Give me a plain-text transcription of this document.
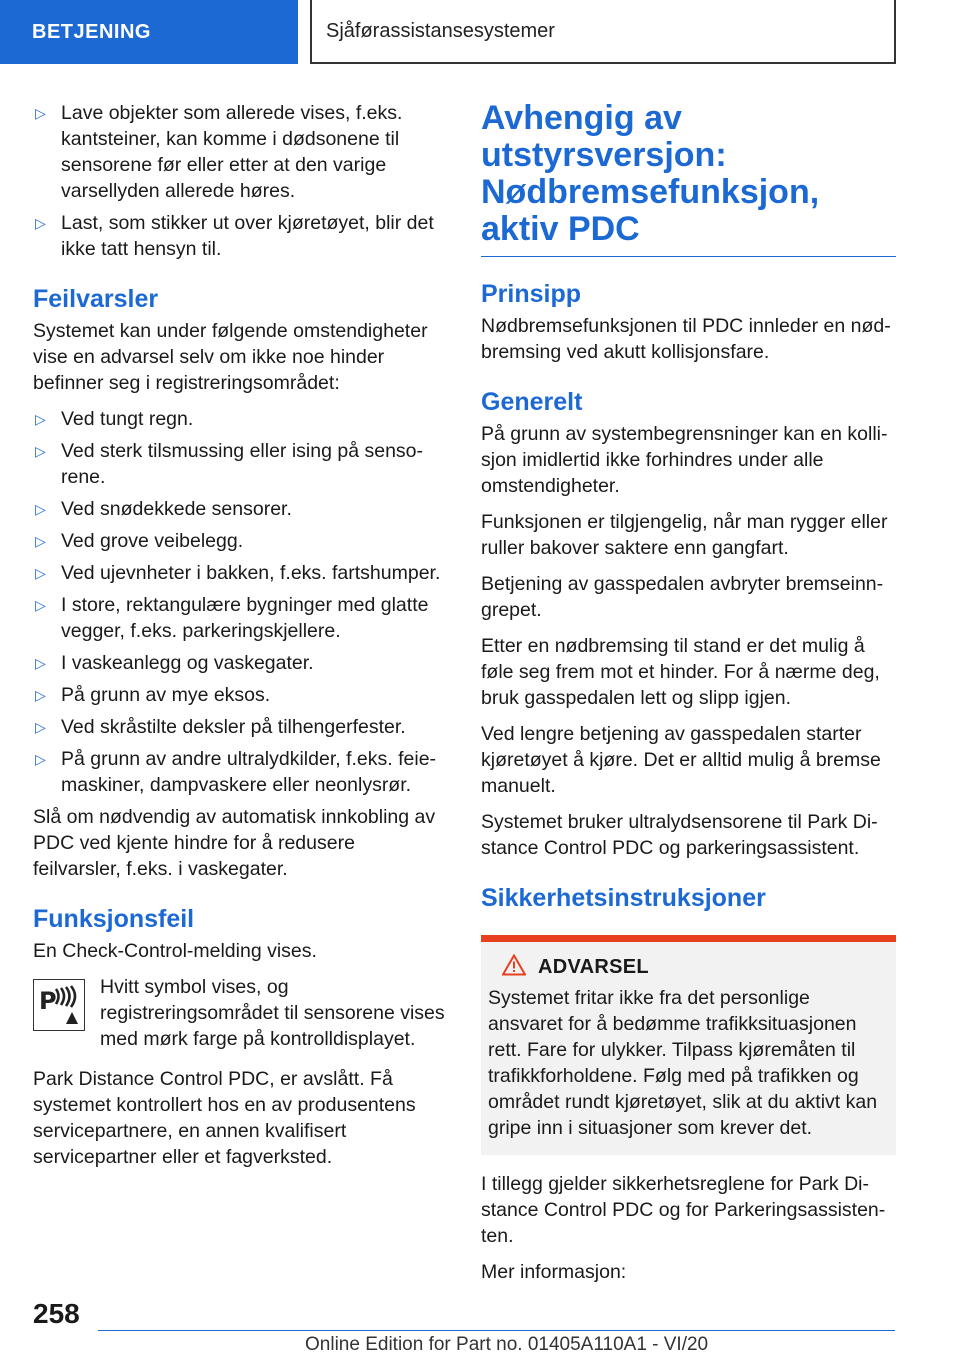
BETJENING	Sjåførassistansesystemer
▷ Lave objekter som allerede vises, f.eks. kantsteiner, kan komme i dødsonene til sensorene før eller etter at den varige varsellyden allerede høres.
▷ Last, som stikker ut over kjøretøyet, blir det ikke tatt hensyn til.
Feilvarsler

Systemet kan under følgende omstendigheter vise en advarsel selv om ikke noe hinder befinner seg i registreringsområdet:

▷ Ved tungt regn.
▷ Ved sterk tilsmussing eller ising på sensorene.
▷ Ved snødekkede sensorer.
▷ Ved grove veibelegg.
▷ Ved ujevnheter i bakken, f.eks. fartshumper.
▷ I store, rektangulære bygninger med glatte vegger, f.eks. parkeringskjellere.
▷ I vaskeanlegg og vaskegater.
▷ På grunn av mye eksos.
▷ Ved skråstilte deksler på tilhengerfester.
▷ På grunn av andre ultralydkilder, f.eks. feiemaskiner, dampvaskere eller neonlysrør.

Slå om nødvendig av automatisk innkobling av PDC ved kjente hindre for å redusere feilvarsler, f.eks. i vaskegater.

Funksjonsfeil

En Check-Control-melding vises.

P Hvitt symbol vises, og registreringsområdet til sensorene vises med mørk farge på kontrolldisplayet.

Park Distance Control PDC, er avslått. Få systemet kontrollert hos en av produsentens servicepartnere, en annen kvalifisert servicepartner eller et fagverksted.

Avhengig av utstyrsversjon: Nødbremsefunksjon, aktiv PDC
Prinsipp

Nødbremsefunksjonen til PDC innleder en nødbremsing ved akutt kollisjonsfare.

Generelt

På grunn av systembegrensninger kan en kollisjon imidlertid ikke forhindres under alle omstendigheter.

Funksjonen er tilgjengelig, når man rygger eller ruller bakover saktere enn gangfart.

Betjening av gasspedalen avbryter bremseinngrepet.

Etter en nødbremsing til stand er det mulig å føle seg frem mot et hinder. For å nærme deg, bruk gasspedalen lett og slipp igjen.

Ved lengre betjening av gasspedalen starter kjøretøyet å kjøre. Det er alltid mulig å bremse manuelt.

Systemet bruker ultralydsensorene til Park Distance Control PDC og parkeringsassistent.

Sikkerhetsinstruksjoner
ADVARSEL

Systemet fritar ikke fra det personlige ansvaret for å bedømme trafikksituasjonen rett. Fare for ulykker. Tilpass kjøremåten til trafikkforholdene. Følg med på trafikken og området rundt kjøretøyet, slik at du aktivt kan gripe inn i situasjoner som krever det.

I tillegg gjelder sikkerhetsreglene for Park Distance Control PDC og for Parkeringsassistenten.

Mer informasjon:

258
Online Edition for Part no. 01405A110A1 - VI/20
